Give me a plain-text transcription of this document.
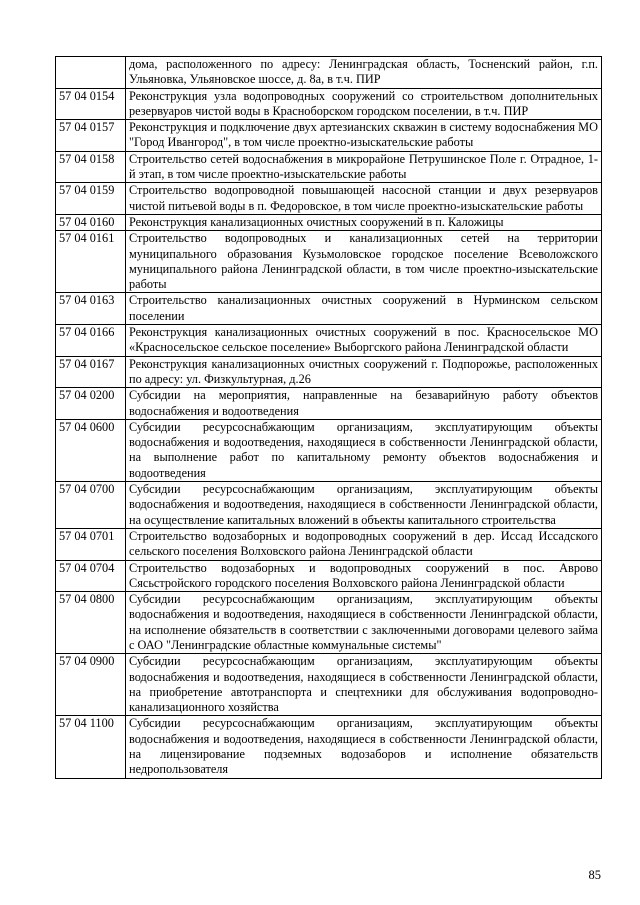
	дома, расположенного по адресу: Ленинградская область, Тосненский район, г.п. Ульяновка, Ульяновское шоссе, д. 8а, в т.ч. ПИР
57 04 0154	Реконструкция узла водопроводных сооружений со строительством дополнительных резервуаров чистой воды в Красноборском городском поселении, в т.ч. ПИР
57 04 0157	Реконструкция и подключение двух артезианских скважин в систему водоснабжения МО "Город Ивангород", в том числе проектно-изыскательские работы
57 04 0158	Строительство сетей водоснабжения в микрорайоне Петрушинское Поле г. Отрадное, 1-й этап, в том числе проектно-изыскательские работы
57 04 0159	Строительство водопроводной повышающей насосной станции и двух резервуаров чистой питьевой воды в п. Федоровское, в том числе проектно-изыскательские работы
57 04 0160	Реконструкция канализационных очистных сооружений в п. Каложицы
57 04 0161	Строительство водопроводных и канализационных сетей на территории муниципального образования Кузьмоловское городское поселение Всеволожского муниципального района Ленинградской области, в том числе проектно-изыскательские работы
57 04 0163	Строительство канализационных очистных сооружений в Нурминском сельском поселении
57 04 0166	Реконструкция канализационных очистных сооружений в пос. Красносельское МО «Красносельское сельское поселение» Выборгского района Ленинградской области
57 04 0167	Реконструкция канализационных очистных сооружений г. Подпорожье, расположенных по адресу: ул. Физкультурная, д.26
57 04 0200	Субсидии на мероприятия, направленные на безаварийную работу объектов водоснабжения и водоотведения
57 04 0600	Субсидии ресурсоснабжающим организациям, эксплуатирующим объекты водоснабжения и водоотведения, находящиеся в собственности Ленинградской области, на выполнение работ по капитальному ремонту объектов водоснабжения и водоотведения
57 04 0700	Субсидии ресурсоснабжающим организациям, эксплуатирующим объекты водоснабжения и водоотведения, находящиеся в собственности Ленинградской области, на осуществление капитальных вложений в объекты капитального строительства
57 04 0701	Строительство водозаборных и водопроводных сооружений в дер. Иссад Иссадского сельского поселения Волховского района Ленинградской области
57 04 0704	Строительство водозаборных и водопроводных сооружений в пос. Аврово Сясьстройского городского поселения Волховского района Ленинградской области
57 04 0800	Субсидии ресурсоснабжающим организациям, эксплуатирующим объекты водоснабжения и водоотведения, находящиеся в собственности Ленинградской области, на исполнение обязательств в соответствии с заключенными договорами целевого займа с ОАО "Ленинградские областные коммунальные системы"
57 04 0900	Субсидии ресурсоснабжающим организациям, эксплуатирующим объекты водоснабжения и водоотведения, находящиеся в собственности Ленинградской области, на приобретение автотранспорта и спецтехники для обслуживания водопроводно-канализационного хозяйства
57 04 1100	Субсидии ресурсоснабжающим организациям, эксплуатирующим объекты водоснабжения и водоотведения, находящиеся в собственности Ленинградской области, на лицензирование подземных водозаборов и исполнение обязательств недропользователя
85
